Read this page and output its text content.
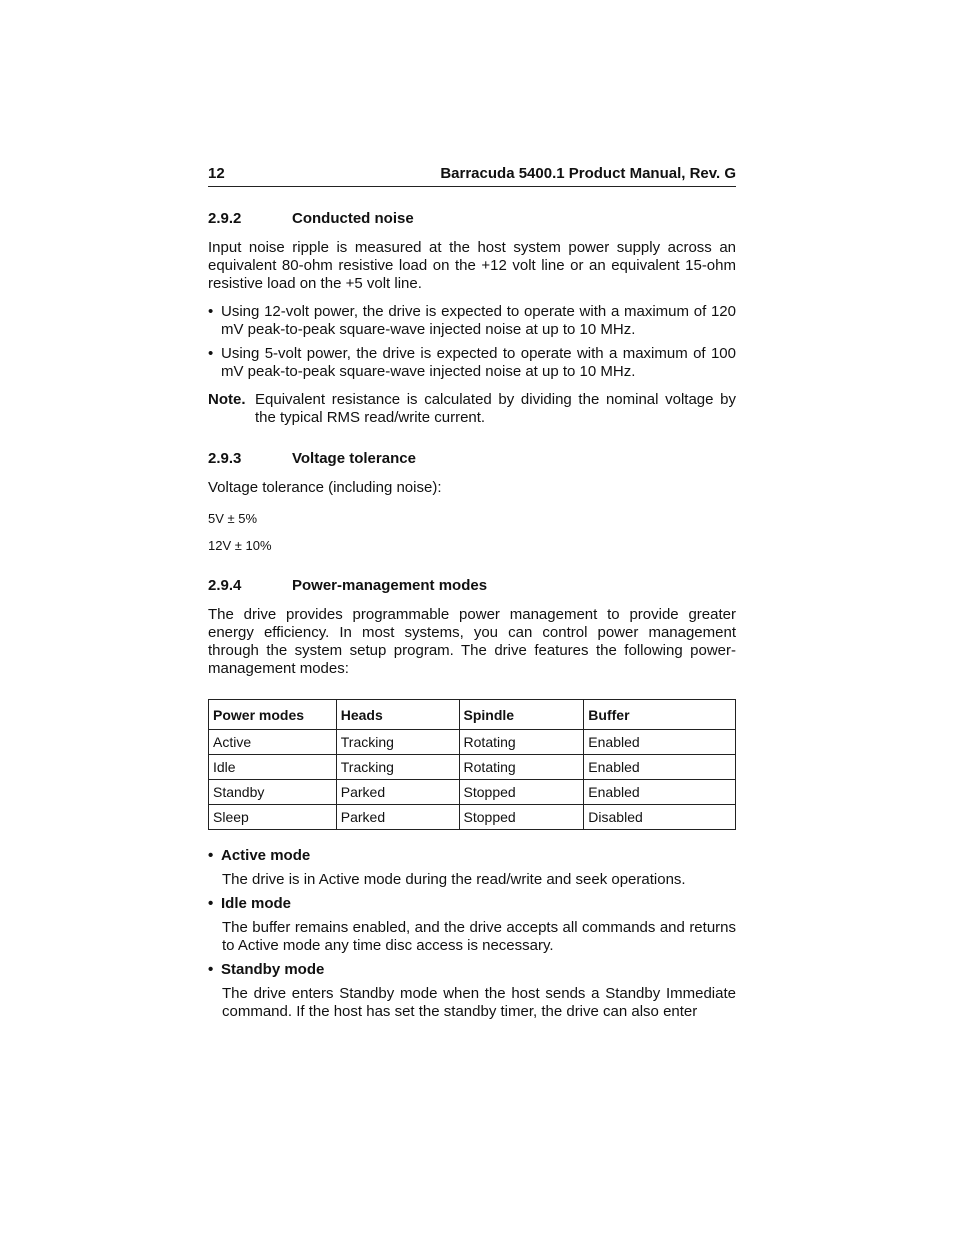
12	Barracuda 5400.1 Product Manual, Rev. G
2.9.2	Conducted noise

Input noise ripple is measured at the host system power supply across an equivalent 80-ohm resistive load on the +12 volt line or an equivalent 15-ohm resistive load on the +5 volt line.

• Using 12-volt power, the drive is expected to operate with a maximum of 120 mV peak-to-peak square-wave injected noise at up to 10 MHz.
• Using 5-volt power, the drive is expected to operate with a maximum of 100 mV peak-to-peak square-wave injected noise at up to 10 MHz.
Note. Equivalent resistance is calculated by dividing the nominal voltage by the typical RMS read/write current.
2.9.3	Voltage tolerance

Voltage tolerance (including noise):

5V ± 5%

12V ± 10%

2.9.4	Power-management modes

The drive provides programmable power management to provide greater energy efficiency. In most systems, you can control power management through the system setup program. The drive features the following power-management modes:

Power modes	Heads	Spindle	Buffer
Active	Tracking	Rotating	Enabled
Idle	Tracking	Rotating	Enabled
Standby	Parked	Stopped	Enabled
Sleep	Parked	Stopped	Disabled
• Active mode

The drive is in Active mode during the read/write and seek operations.

• Idle mode

The buffer remains enabled, and the drive accepts all commands and returns to Active mode any time disc access is necessary.

• Standby mode

The drive enters Standby mode when the host sends a Standby Immediate command. If the host has set the standby timer, the drive can also enter
